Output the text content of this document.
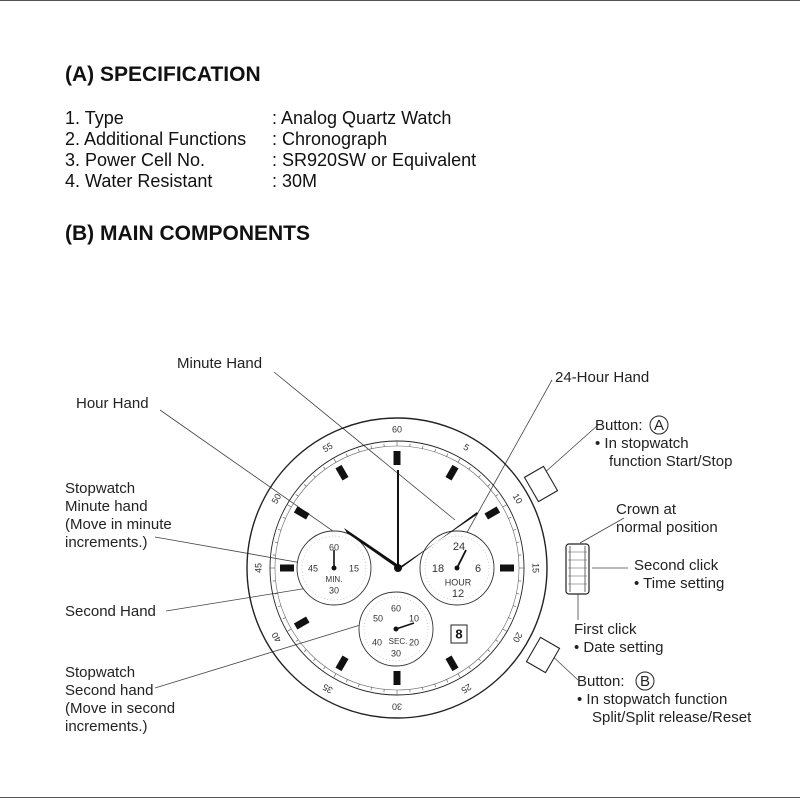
(A) SPECIFICATION
1. Type	: Analog Quartz Watch
2. Additional Functions : Chronograph
3. Power Cell No.	: SR920SW or Equivalent
4. Water Resistant	: 30M
(B) MAIN COMPONENTS
60
5
10
15
20
25
30
35
40
45
50
55
60
45	15
30
MIN.
24
18	6
12
HOUR
60
50	10
40	20
30
SEC.
8
Minute Hand
Hour Hand
24-Hour Hand
Button: A
• In stopwatch
function Start/Stop
Crown at
normal position
Second click
• Time setting
First click
• Date setting
Button: B
• In stopwatch function
Split/Split release/Reset
Stopwatch
Minute hand
(Move in minute
increments.)
Second Hand
Stopwatch
Second hand
(Move in second
increments.)
